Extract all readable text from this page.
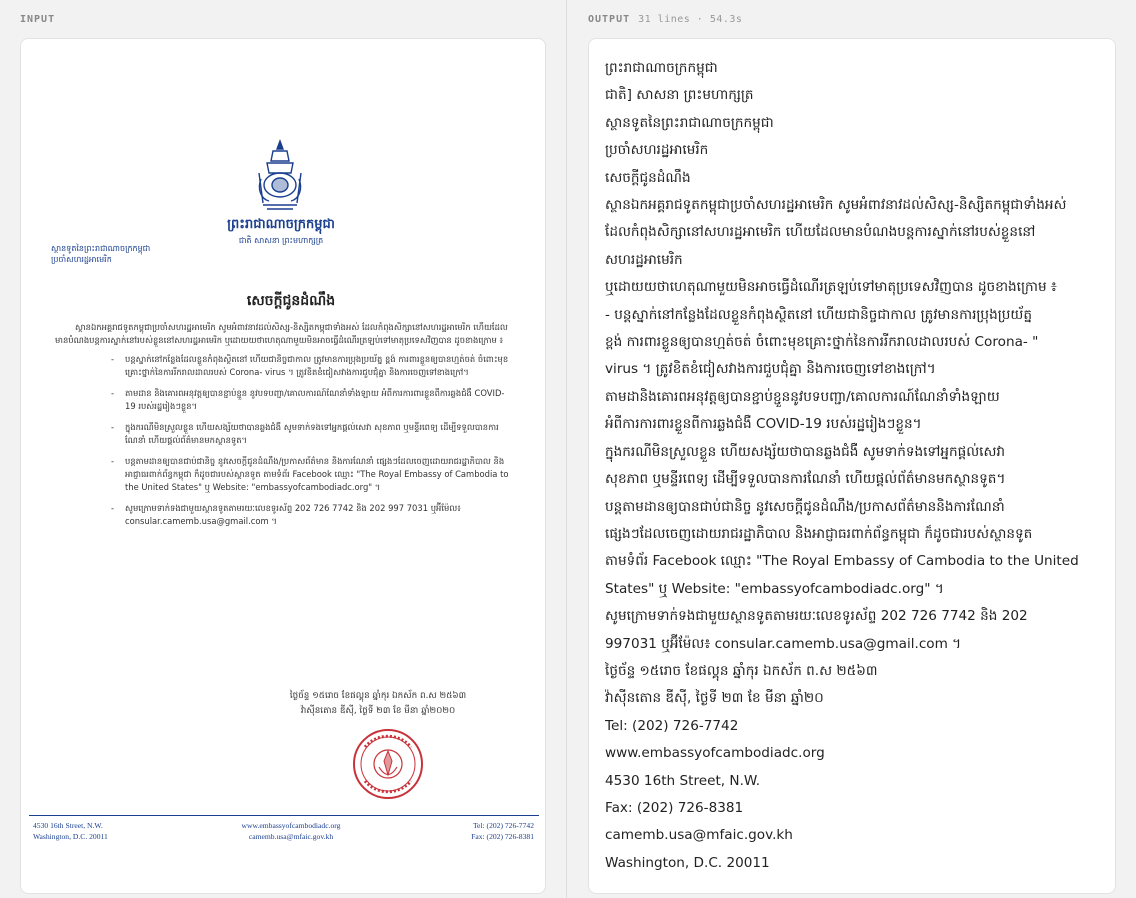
INPUT	OUTPUT 31 lines · 54.3s
ព្រះរាជាណាចក្រកម្ពុជា
ជាតិ សាសនា ព្រះមហាក្សត្រ
ស្ថានទូតនៃព្រះរាជាណាចក្រកម្ពុជា
ប្រចាំសហរដ្ឋអាមេរិក
សេចក្តីជូនដំណឹង

ស្ថានឯកអគ្គរាជទូតកម្ពុជាប្រចាំសហរដ្ឋអាមេរិក សូមអំពាវនាវដល់សិស្ស-និស្សិតកម្ពុជាទាំងអស់ ដែលកំពុងសិក្សានៅសហរដ្ឋអាមេរិក ហើយដែលមានបំណងបន្តការស្នាក់នៅរបស់ខ្លួននៅសហរដ្ឋអាមេរិក ឬដោយយថាហេតុណាមួយមិនអាចធ្វើដំណើរត្រឡប់ទៅមាតុប្រទេសវិញបាន ដូចខាងក្រោម ៖

- បន្តស្នាក់នៅកន្លែងដែលខ្លួនកំពុងស្ថិតនៅ ហើយជានិច្ចជាកាល ត្រូវមានការប្រុងប្រយ័ត្ន ខ្ពង់ ការពារខ្លួនឲ្យបានហ្មត់ចត់ ចំពោះមុខគ្រោះថ្នាក់នៃការរីករាលដាលរបស់ Corona- virus ។ ត្រូវខិតខំជៀសវាងការជួបជុំគ្នា និងការចេញទៅខាងក្រៅ។
- តាមដាន និងគោរពអនុវត្តឲ្យបានខ្ជាប់ខ្ជួន នូវបទបញ្ជា/គោលការណ៍ណែនាំទាំងឡាយ អំពីការការពារខ្លួនពីការឆ្លងជំងឺ COVID-19 របស់រដ្ឋរៀងៗខ្លួន។
- ក្នុងករណីមិនស្រួលខ្លួន ហើយសង្ស័យថាបានឆ្លងជំងឺ សូមទាក់ទងទៅអ្នកផ្តល់សេវា សុខភាព ឬមន្ទីរពេទ្យ ដើម្បីទទួលបានការណែនាំ ហើយផ្តល់ព័ត៌មានមកស្ថានទូត។
- បន្តតាមដានឲ្យបានជាប់ជានិច្ច នូវសេចក្តីជូនដំណឹង/ប្រកាសព័ត៌មាន និងការណែនាំ ផ្សេងៗដែលចេញដោយរាជរដ្ឋាភិបាល និងអាជ្ញាធរពាក់ព័ន្ធកម្ពុជា ក៏ដូចជារបស់ស្ថានទូត តាមទំព័រ Facebook ឈ្មោះ "The Royal Embassy of Cambodia to the United States" ឬ Website: "embassyofcambodiadc.org" ។
- សូមក្រោមទាក់ទងជាមួយស្ថានទូតតាមរយៈលេខទូរស័ព្ទ 202 726 7742 និង 202 997 7031 ឬអ៊ីម៉ែល៖ consular.camemb.usa@gmail.com ។
ថ្ងៃច័ន្ទ ១៥រោច ខែផល្គុន ឆ្នាំកុរ ឯកស័ក ព.ស ២៥៦៣
វ៉ាស៊ីនតោន ឌីស៊ី, ថ្ងៃទី ២៣ ខែ មីនា ឆ្នាំ២០២០
4530 16th Street, N.W.
Washington, D.C. 20011
www.embassyofcambodiadc.org
camemb.usa@mfaic.gov.kh
Tel: (202) 726-7742
Fax: (202) 726-8381
ព្រះរាជាណាចក្រកម្ពុជា
ជាតិ] សាសនា ព្រះមហាក្សត្រ
ស្ថានទូតនៃព្រះរាជាណាចក្រកម្ពុជា
ប្រចាំសហរដ្ឋអាមេរិក
សេចក្តីជូនដំណឹង
ស្ថានឯកអគ្គរាជទូតកម្ពុជាប្រចាំសហរដ្ឋអាមេរិក សូមអំពាវនាវដល់សិស្ស-និស្សិតកម្ពុជាទាំងអស់
ដែលកំពុងសិក្សានៅសហរដ្ឋអាមេរិក ហើយដែលមានបំណងបន្តការស្នាក់នៅរបស់ខ្លួននៅ
សហរដ្ឋអាមេរិក
ឬដោយយថាហេតុណាមួយមិនអាចធ្វើដំណើរត្រឡប់ទៅមាតុប្រទេសវិញបាន ដូចខាងក្រោម ៖
- បន្តស្នាក់នៅកន្លែងដែលខ្លួនកំពុងស្ថិតនៅ ហើយជានិច្ចជាកាល ត្រូវមានការប្រុងប្រយ័ត្ន
ខ្ពង់ ការពារខ្លួនឲ្យបានហ្មត់ចត់ ចំពោះមុខគ្រោះថ្នាក់នៃការរីករាលដាលរបស់ Corona- "
virus ។ ត្រូវខិតខំជៀសវាងការជួបជុំគ្នា និងការចេញទៅខាងក្រៅ។
តាមដានិងគោរពអនុវត្តឲ្យបានខ្ជាប់ខ្ជួននូវបទបញ្ជា/គោលការណ៍ណែនាំទាំងឡាយ
អំពីការការពារខ្លួនពីការឆ្លងជំងឺ COVID-19 របស់រដ្ឋរៀងៗខ្លួន។
ក្នុងករណីមិនស្រួលខ្លួន ហើយសង្ស័យថាបានឆ្លងជំងឺ សូមទាក់ទងទៅអ្នកផ្តល់សេវា
សុខភាព ឬមន្ទីរពេទ្យ ដើម្បីទទួលបានការណែនាំ ហើយផ្តល់ព័ត៌មានមកស្ថានទូត។
បន្តតាមដានឲ្យបានជាប់ជានិច្ច នូវសេចក្តីជូនដំណឹង/ប្រកាសព័ត៌មាននិងការណែនាំ
ផ្សេងៗដែលចេញដោយរាជរដ្ឋាភិបាល និងអាជ្ញាធរពាក់ព័ន្ធកម្ពុជា ក៏ដូចជារបស់ស្ថានទូត
តាមទំព័រ Facebook ឈ្មោះ "The Royal Embassy of Cambodia to the United
States" ឬ Website: "embassyofcambodiadc.org" ។
សូមក្រោមទាក់ទងជាមួយស្ថានទូតតាមរយៈលេខទូរស័ព្ទ 202 726 7742 និង 202
997031 ឬអ៊ីម៉ែល៖ consular.camemb.usa@gmail.com ។
ថ្ងៃច័ន្ទ ១៥រោច ខែផល្គុន ឆ្នាំកុរ ឯកស័ក ព.ស ២៥៦៣
វ៉ាស៊ីនតោន ឌីស៊ី, ថ្ងៃទី ២៣ ខែ មីនា ឆ្នាំ២០
Tel: (202) 726-7742
www.embassyofcambodiadc.org
4530 16th Street, N.W.
Fax: (202) 726-8381
camemb.usa@mfaic.gov.kh
Washington, D.C. 20011
